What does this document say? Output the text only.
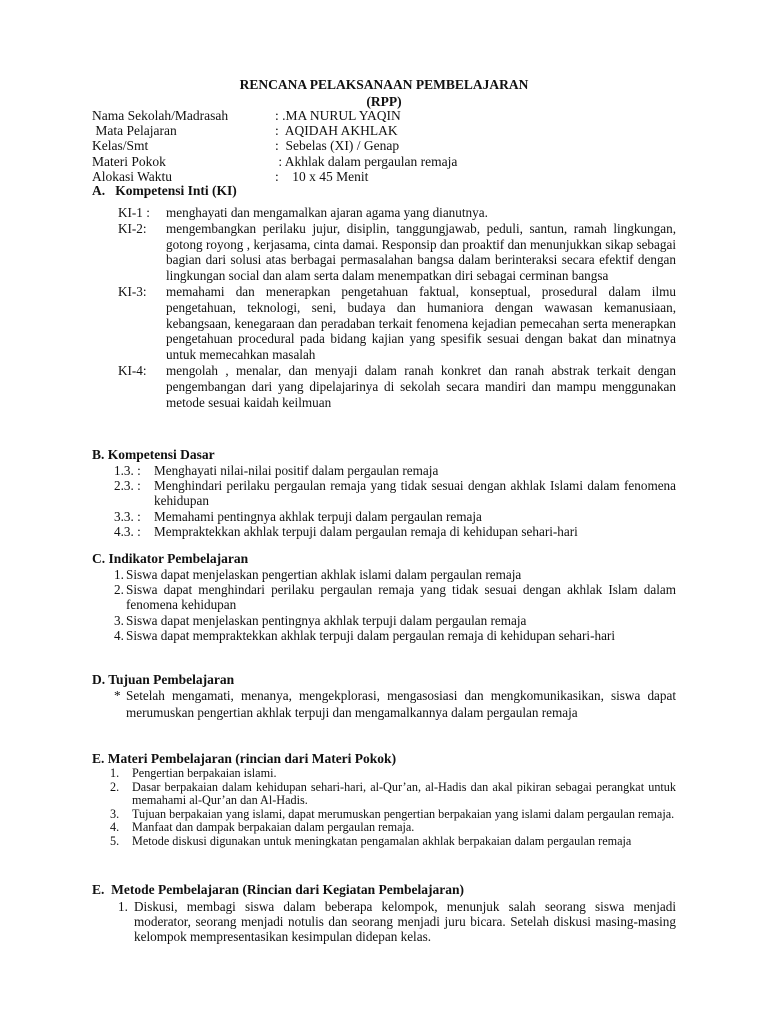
RENCANA PELAKSANAAN PEMBELAJARAN
(RPP)
Nama Sekolah/Madrasah	: .MA NURUL YAQIN
Mata Pelajaran	:  AQIDAH AKHLAK
Kelas/Smt	:  Sebelas (XI) / Genap
Materi Pokok	: Akhlak dalam pergaulan remaja
Alokasi Waktu	:    10 x 45 Menit
A.   Kompetensi Inti (KI)
KI-1 : menghayati dan mengamalkan ajaran agama yang dianutnya.
KI-2: mengembangkan perilaku jujur, disiplin, tanggungjawab, peduli, santun, ramah lingkungan, gotong royong , kerjasama, cinta damai. Responsip dan proaktif dan menunjukkan sikap sebagai bagian dari solusi atas berbagai permasalahan bangsa dalam berinteraksi secara efektif dengan lingkungan social dan alam serta dalam menempatkan diri sebagai cerminan bangsa
KI-3: memahami dan menerapkan pengetahuan faktual, konseptual, prosedural dalam ilmu pengetahuan, teknologi, seni, budaya dan humaniora dengan wawasan kemanusiaan, kebangsaan, kenegaraan dan peradaban terkait fenomena kejadian pemecahan serta menerapkan pengetahuan procedural pada bidang kajian yang spesifik sesuai dengan bakat dan minatnya untuk memecahkan masalah
KI-4: mengolah , menalar, dan menyaji dalam ranah konkret dan ranah abstrak terkait dengan pengembangan dari yang dipelajarinya di sekolah secara mandiri dan mampu menggunakan metode sesuai kaidah keilmuan
B. Kompetensi Dasar
1.3. : Menghayati nilai-nilai positif dalam pergaulan remaja
2.3. : Menghindari perilaku pergaulan remaja yang tidak sesuai dengan akhlak Islami dalam fenomena kehidupan
3.3. : Memahami pentingnya akhlak terpuji dalam pergaulan remaja
4.3. : Mempraktekkan akhlak terpuji dalam pergaulan remaja di kehidupan sehari-hari
C. Indikator Pembelajaran
1. Siswa dapat menjelaskan pengertian akhlak islami dalam pergaulan remaja
2. Siswa dapat menghindari perilaku pergaulan remaja yang tidak sesuai dengan akhlak Islam dalam fenomena kehidupan
3. Siswa dapat menjelaskan pentingnya akhlak terpuji dalam pergaulan remaja
4. Siswa dapat mempraktekkan akhlak terpuji dalam pergaulan remaja di kehidupan sehari-hari
D. Tujuan Pembelajaran
* Setelah mengamati, menanya, mengekplorasi, mengasosiasi dan mengkomunikasikan, siswa dapat merumuskan pengertian akhlak terpuji dan mengamalkannya dalam pergaulan remaja
E. Materi Pembelajaran (rincian dari Materi Pokok)
1. Pengertian berpakaian islami.
2. Dasar berpakaian dalam kehidupan sehari-hari, al-Qur’an, al-Hadis dan akal pikiran sebagai perangkat untuk memahami al-Qur’an dan Al-Hadis.
3. Tujuan berpakaian yang islami, dapat merumuskan pengertian berpakaian yang islami dalam pergaulan remaja.
4. Manfaat dan dampak berpakaian dalam pergaulan remaja.
5. Metode diskusi digunakan untuk meningkatan pengamalan akhlak berpakaian dalam pergaulan remaja
E.  Metode Pembelajaran (Rincian dari Kegiatan Pembelajaran)
1. Diskusi, membagi siswa dalam beberapa kelompok, menunjuk salah seorang siswa menjadi moderator, seorang menjadi notulis dan seorang menjadi juru bicara. Setelah diskusi masing-masing kelompok mempresentasikan kesimpulan didepan kelas.
